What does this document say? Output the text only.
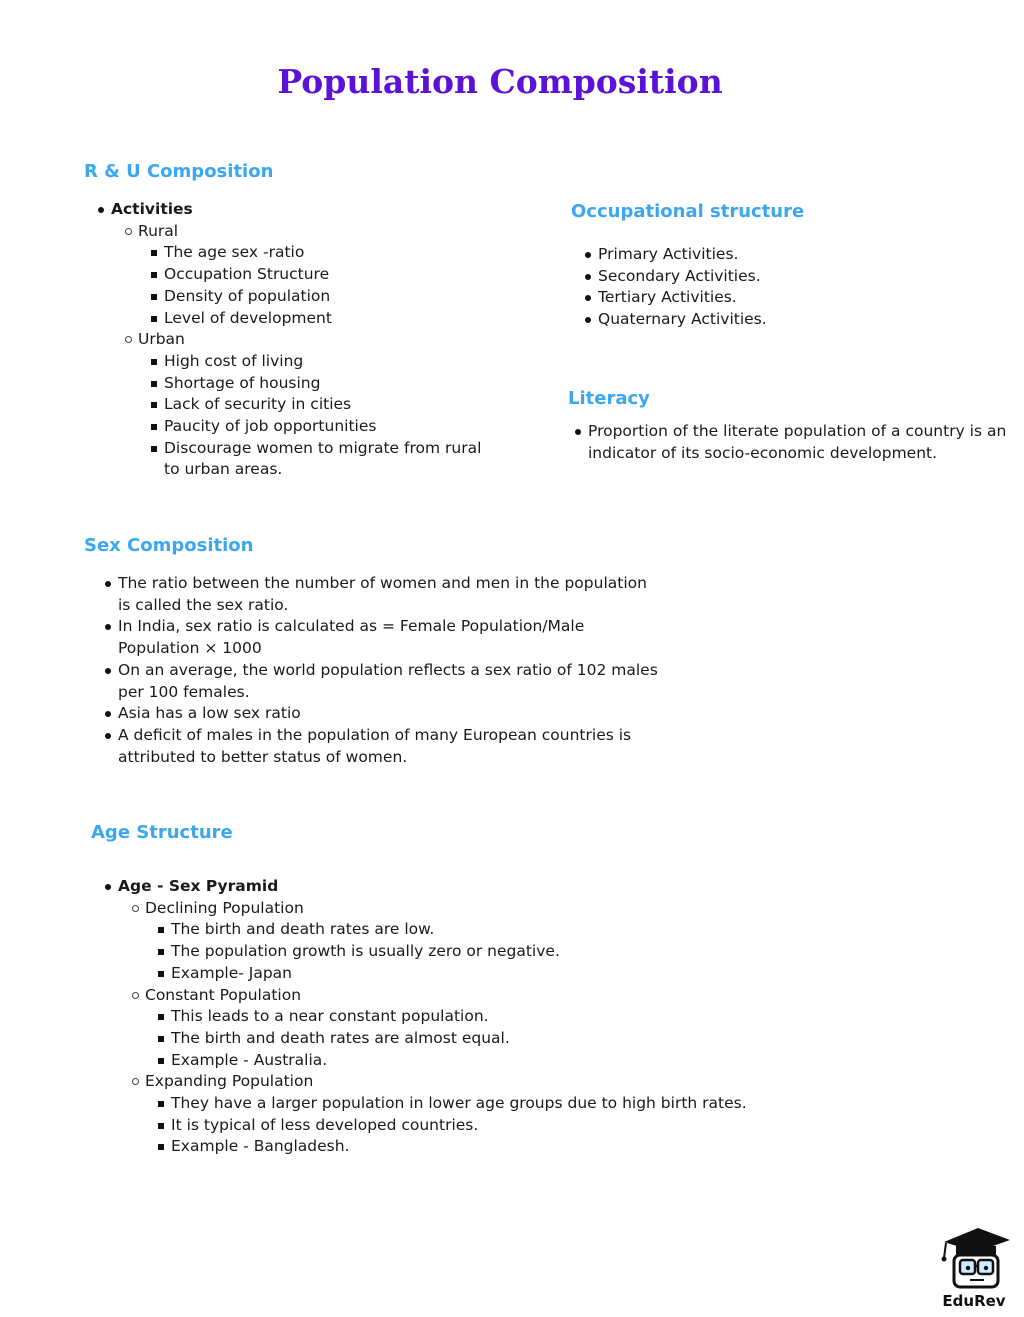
Population Composition
R & U Composition
Activities
Rural
The age sex -ratio
Occupation Structure
Density of population
Level of development
Urban
High cost of living
Shortage of housing
Lack of security in cities
Paucity of job opportunities
Discourage women to migrate from rural to urban areas.
Occupational structure
Primary Activities.
Secondary Activities.
Tertiary Activities.
Quaternary Activities.
Literacy
Proportion of the literate population of a country is an indicator of its socio-economic development.
Sex Composition
The ratio between the number of women and men in the population is called the sex ratio.
In India, sex ratio is calculated as = Female Population/Male Population × 1000
On an average, the world population reflects a sex ratio of 102 males per 100 females.
Asia has a low sex ratio
A deficit of males in the population of many European countries is attributed to better status of women.
Age Structure
Age - Sex Pyramid
Declining Population
The birth and death rates are low.
The population growth is usually zero or negative.
Example- Japan
Constant Population
This leads to a near constant population.
The birth and death rates are almost equal.
Example - Australia.
Expanding Population
They have a larger population in lower age groups due to high birth rates.
It is typical of less developed countries.
Example - Bangladesh.
EduRev
